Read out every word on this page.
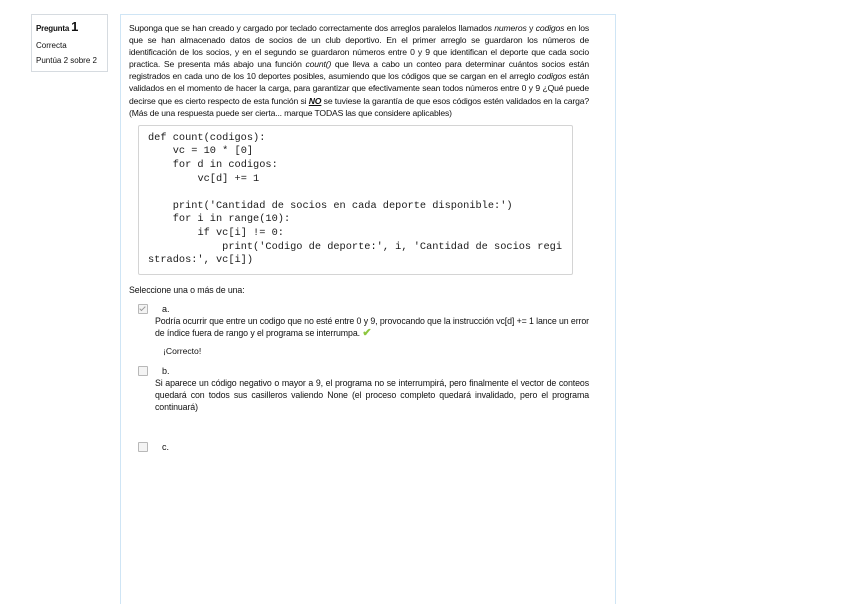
Pregunta 1
Correcta
Puntúa 2 sobre 2
Suponga que se han creado y cargado por teclado correctamente dos arreglos paralelos llamados numeros y codigos en los que se han almacenado datos de socios de un club deportivo. En el primer arreglo se guardaron los números de identificación de los socios, y en el segundo se guardaron números entre 0 y 9 que identifican el deporte que cada socio practica. Se presenta más abajo una función count() que lleva a cabo un conteo para determinar cuántos socios están registrados en cada uno de los 10 deportes posibles, asumiendo que los códigos que se cargan en el arreglo codigos están validados en el momento de hacer la carga, para garantizar que efectivamente sean todos números entre 0 y 9 ¿Qué puede decirse que es cierto respecto de esta función si NO se tuviese la garantía de que esos códigos estén validados en la carga? (Más de una respuesta puede ser cierta... marque TODAS las que considere aplicables)
def count(codigos):
vc = 10 * [0]
for d in codigos:
vc[d] += 1

print('Cantidad de socios en cada deporte disponible:')
for i in range(10):
if vc[i] != 0:
print('Codigo de deporte:', i, 'Cantidad de socios registrados:', vc[i])
Seleccione una o más de una:
a.
Podría ocurrir que entre un codigo que no esté entre 0 y 9, provocando que la instrucción vc[d] += 1 lance un error de índice fuera de rango y el programa se interrumpa. ✔
¡Correcto!
b.
Si aparece un código negativo o mayor a 9, el programa no se interrumpirá, pero finalmente el vector de conteos quedará con todos sus casilleros valiendo None (el proceso completo quedará invalidado, pero el programa continuará)
c.
